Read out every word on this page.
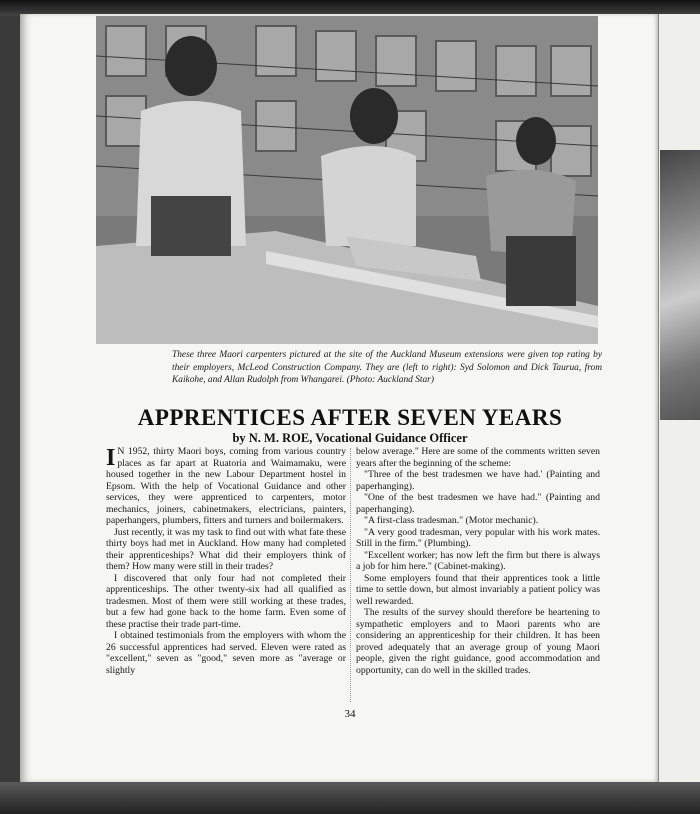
These three Maori carpenters pictured at the site of the Auckland Museum extensions were given top rating by their employers, McLeod Construction Company. They are (left to right): Syd Solomon and Dick Taurua, from Kaikohe, and Allan Rudolph from Whangarei. (Photo: Auckland Star)
APPRENTICES AFTER SEVEN YEARS
by N. M. ROE, Vocational Guidance Officer

I N 1952, thirty Maori boys, coming from various country places as far apart at Ruatoria and Waimamaku, were housed together in the new Labour Department hostel in Epsom. With the help of Vocational Guidance and other services, they were apprenticed to carpenters, motor mechanics, joiners, cabinetmakers, electricians, painters, paperhangers, plumbers, fitters and turners and boilermakers.

Just recently, it was my task to find out with what fate these thirty boys had met in Auckland. How many had completed their apprenticeships? What did their employers think of them? How many were still in their trades?

I discovered that only four had not completed their apprenticeships. The other twenty-six had all qualified as tradesmen. Most of them were still working at these trades, but a few had gone back to the home farm. Even some of these practise their trade part-time.

I obtained testimonials from the employers with whom the 26 successful apprentices had served. Eleven were rated as "excellent," seven as "good," seven more as "average or slightly

below average." Here are some of the comments written seven years after the beginning of the scheme:

"Three of the best tradesmen we have had.' (Painting and paperhanging).

"One of the best tradesmen we have had." (Painting and paperhanging).

"A first-class tradesman." (Motor mechanic).

"A very good tradesman, very popular with his work mates. Still in the firm." (Plumbing).

"Excellent worker; has now left the firm but there is always a job for him here." (Cabinet-making).

Some employers found that their apprentices took a little time to settle down, but almost invariably a patient policy was well rewarded.

The results of the survey should therefore be heartening to sympathetic employers and to Maori parents who are considering an apprenticeship for their children. It has been proved adequately that an average group of young Maori people, given the right guidance, good accommodation and opportunity, can do well in the skilled trades.

34
